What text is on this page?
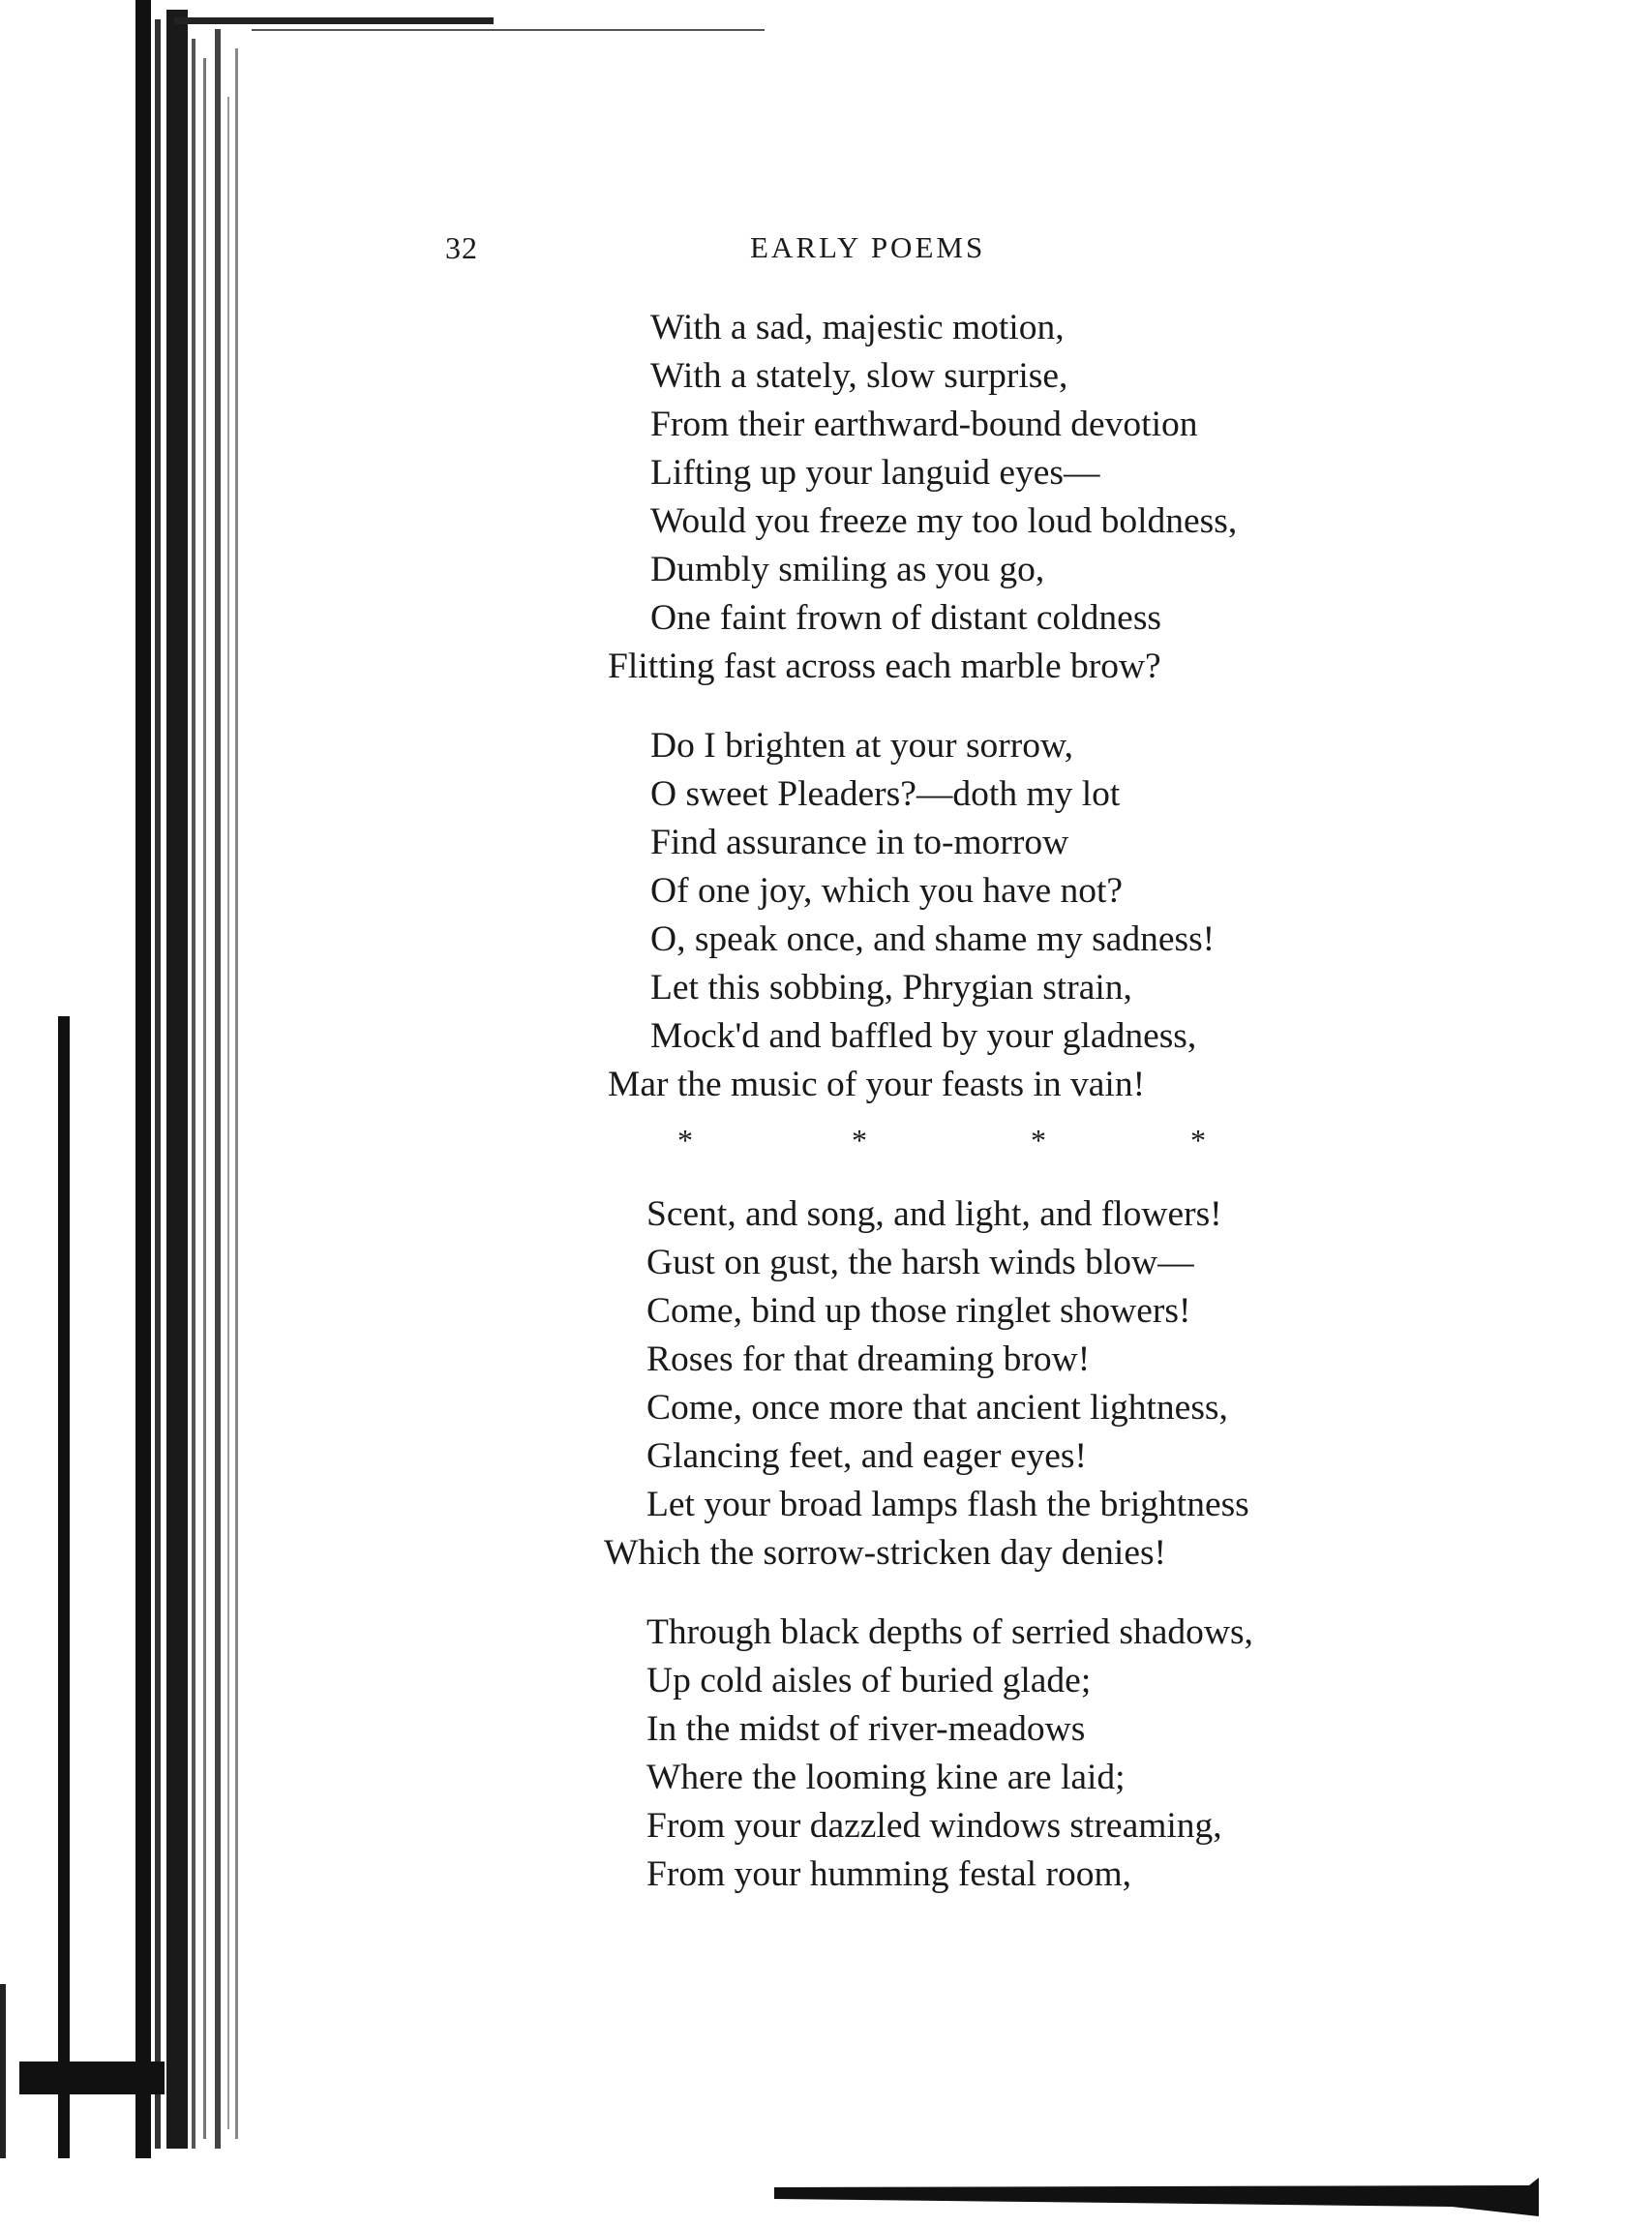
32	EARLY POEMS
With a sad, majestic motion,
With a stately, slow surprise,
From their earthward-bound devotion
Lifting up your languid eyes—
Would you freeze my too loud boldness,
Dumbly smiling as you go,
One faint frown of distant coldness
Flitting fast across each marble brow?
Do I brighten at your sorrow,
O sweet Pleaders?—doth my lot
Find assurance in to-morrow
Of one joy, which you have not?
O, speak once, and shame my sadness!
Let this sobbing, Phrygian strain,
Mock'd and baffled by your gladness,
Mar the music of your feasts in vain!
*	*	*	*
Scent, and song, and light, and flowers!
Gust on gust, the harsh winds blow—
Come, bind up those ringlet showers!
Roses for that dreaming brow!
Come, once more that ancient lightness,
Glancing feet, and eager eyes!
Let your broad lamps flash the brightness
Which the sorrow-stricken day denies!
Through black depths of serried shadows,
Up cold aisles of buried glade;
In the midst of river-meadows
Where the looming kine are laid;
From your dazzled windows streaming,
From your humming festal room,
